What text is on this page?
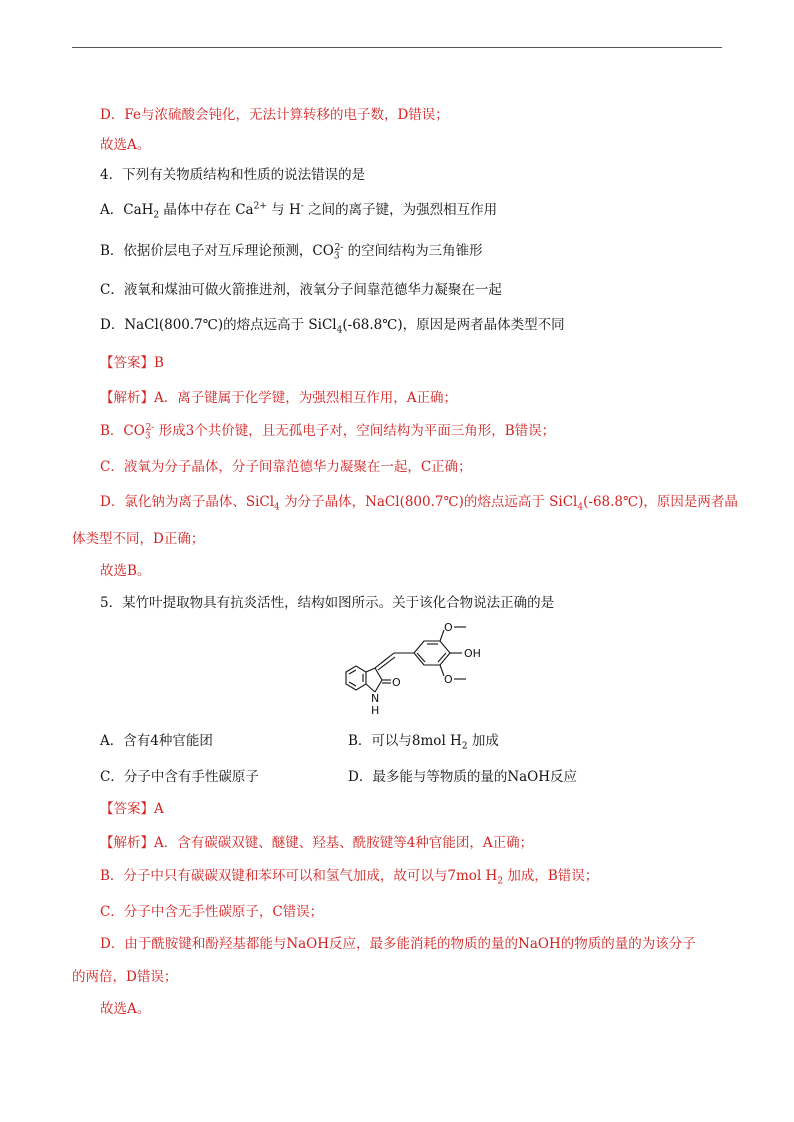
D．Fe与浓硫酸会钝化，无法计算转移的电子数，D错误；
故选A。
4．下列有关物质结构和性质的说法错误的是
A．CaH$_2$ 晶体中存在 $Ca^{2+}$ 与 H- 之间的离子键，为强烈相互作用
B．依据价层电子对互斥理论预测，$CO_3^{2-}$ 的空间结构为三角锥形
C．液氧和煤油可做火箭推进剂，液氧分子间靠范德华力凝聚在一起
D．NaCl(800.7℃)的熔点远高于 SiCl$_4$(-68.8℃)，原因是两者晶体类型不同
【答案】B
【解析】A．离子键属于化学键，为强烈相互作用，A正确；
B．$CO_3^{2-}$ 形成3个共价键，且无孤电子对，空间结构为平面三角形，B错误；
C．液氧为分子晶体，分子间靠范德华力凝聚在一起，C正确；
D．氯化钠为离子晶体、SiCl$_4$ 为分子晶体，NaCl(800.7℃)的熔点远高于 SiCl$_4$(-68.8℃)，原因是两者晶
体类型不同，D正确；
故选B。
5．某竹叶提取物具有抗炎活性，结构如图所示。关于该化合物说法正确的是
O
OH
O
O
N
H
A．含有4种官能团	B．可以与8mol $H_2$ 加成
C．分子中含有手性碳原子	D．最多能与等物质的量的NaOH反应
【答案】A
【解析】A．含有碳碳双键、醚键、羟基、酰胺键等4种官能团，A正确；
B．分子中只有碳碳双键和苯环可以和氢气加成，故可以与7mol $H_2$ 加成，B错误；
C．分子中含无手性碳原子，C错误；
D．由于酰胺键和酚羟基都能与NaOH反应，最多能消耗的物质的量的NaOH的物质的量的为该分子
的两倍，D错误；
故选A。
